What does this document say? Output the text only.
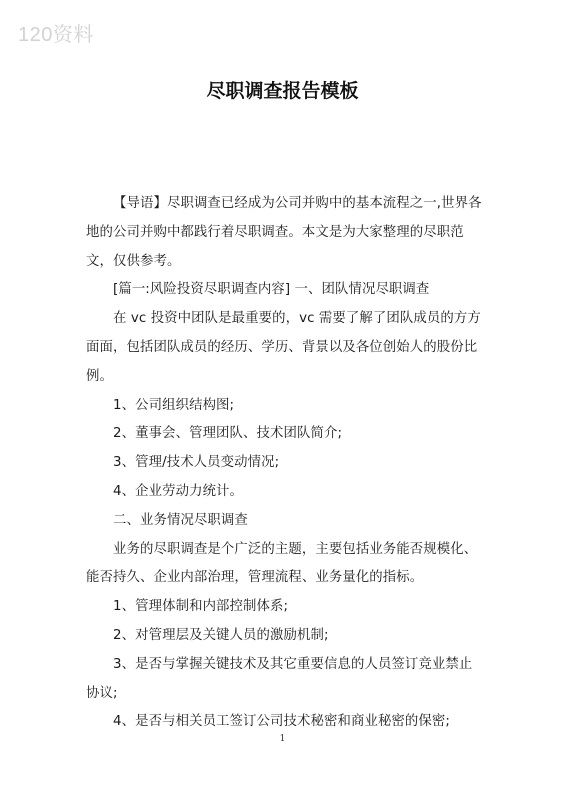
120资料
尽职调查报告模板

【导语】尽职调查已经成为公司并购中的基本流程之一,世界各地的公司并购中都践行着尽职调查。本文是为大家整理的尽职范文，仅供参考。

[篇一:风险投资尽职调查内容] 一、团队情况尽职调查

在 vc 投资中团队是最重要的，vc 需要了解了团队成员的方方面面，包括团队成员的经历、学历、背景以及各位创始人的股份比例。

1、公司组织结构图;

2、董事会、管理团队、技术团队简介;

3、管理/技术人员变动情况;

4、企业劳动力统计。

二、业务情况尽职调查

业务的尽职调查是个广泛的主题，主要包括业务能否规模化、能否持久、企业内部治理，管理流程、业务量化的指标。

1、管理体制和内部控制体系;

2、对管理层及关键人员的激励机制;

3、是否与掌握关键技术及其它重要信息的人员签订竞业禁止协议;

4、是否与相关员工签订公司技术秘密和商业秘密的保密;

1
